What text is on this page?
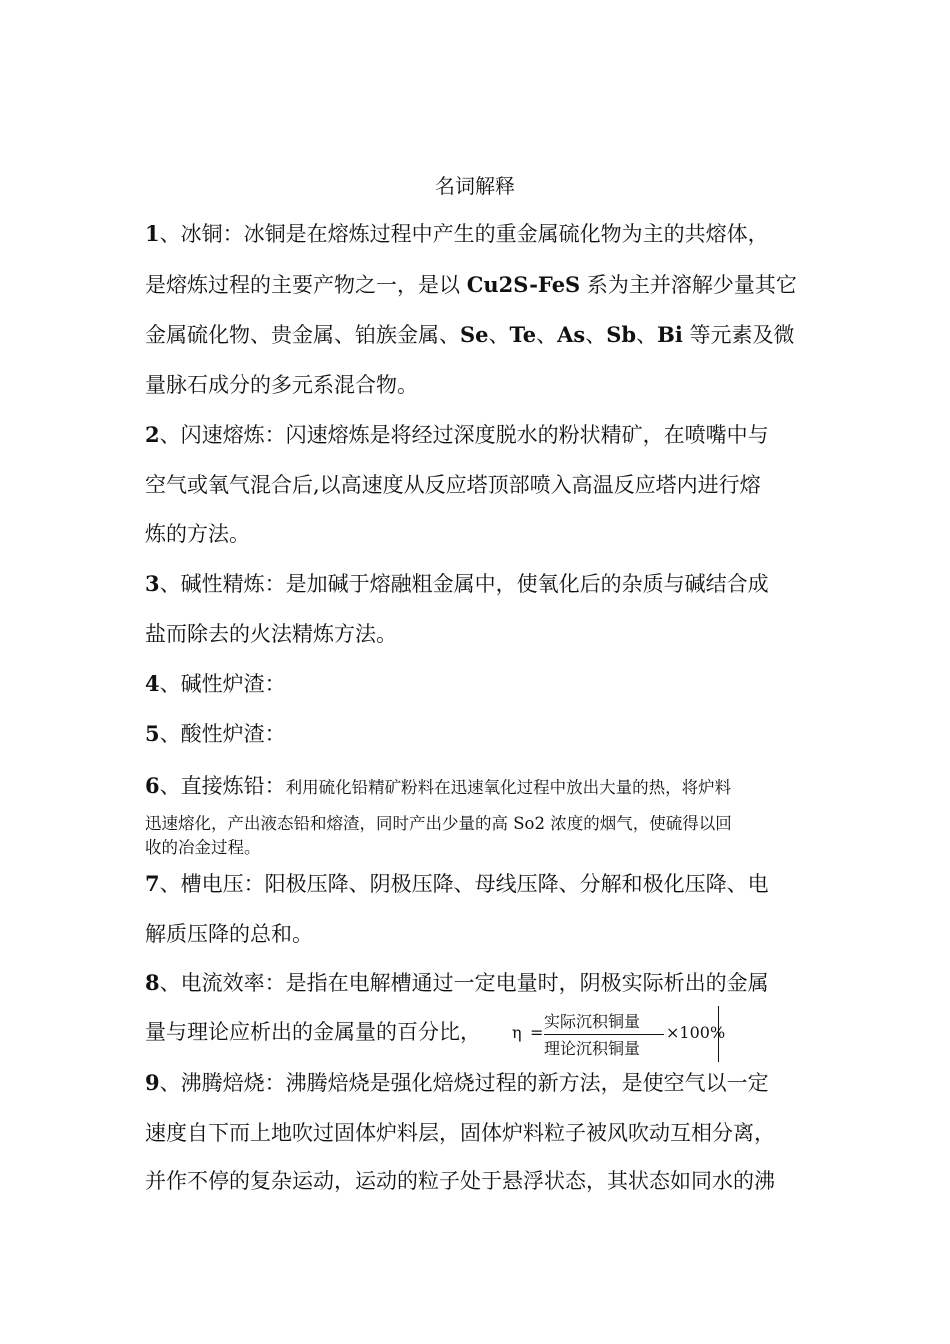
名词解释
1、冰铜：冰铜是在熔炼过程中产生的重金属硫化物为主的共熔体，
是熔炼过程的主要产物之一，是以 Cu2S-FeS 系为主并溶解少量其它
金属硫化物、贵金属、铂族金属、Se、Te、As、Sb、Bi 等元素及微
量脉石成分的多元系混合物。
2、闪速熔炼：闪速熔炼是将经过深度脱水的粉状精矿，在喷嘴中与
空气或氧气混合后,以高速度从反应塔顶部喷入高温反应塔内进行熔
炼的方法。
3、碱性精炼：是加碱于熔融粗金属中，使氧化后的杂质与碱结合成
盐而除去的火法精炼方法。
4、碱性炉渣：
5、酸性炉渣：
6、直接炼铅：利用硫化铅精矿粉料在迅速氧化过程中放出大量的热，将炉料
迅速熔化，产出液态铅和熔渣，同时产出少量的高 So2 浓度的烟气，使硫得以回
收的冶金过程。
7、槽电压：阳极压降、阴极压降、母线压降、分解和极化压降、电
解质压降的总和。
8、电流效率：是指在电解槽通过一定电量时，阴极实际析出的金属
量与理论应析出的金属量的百分比，	η =
实际沉积铜量
理论沉积铜量
×100%
9、沸腾焙烧：沸腾焙烧是强化焙烧过程的新方法，是使空气以一定
速度自下而上地吹过固体炉料层，固体炉料粒子被风吹动互相分离，
并作不停的复杂运动，运动的粒子处于悬浮状态，其状态如同水的沸
